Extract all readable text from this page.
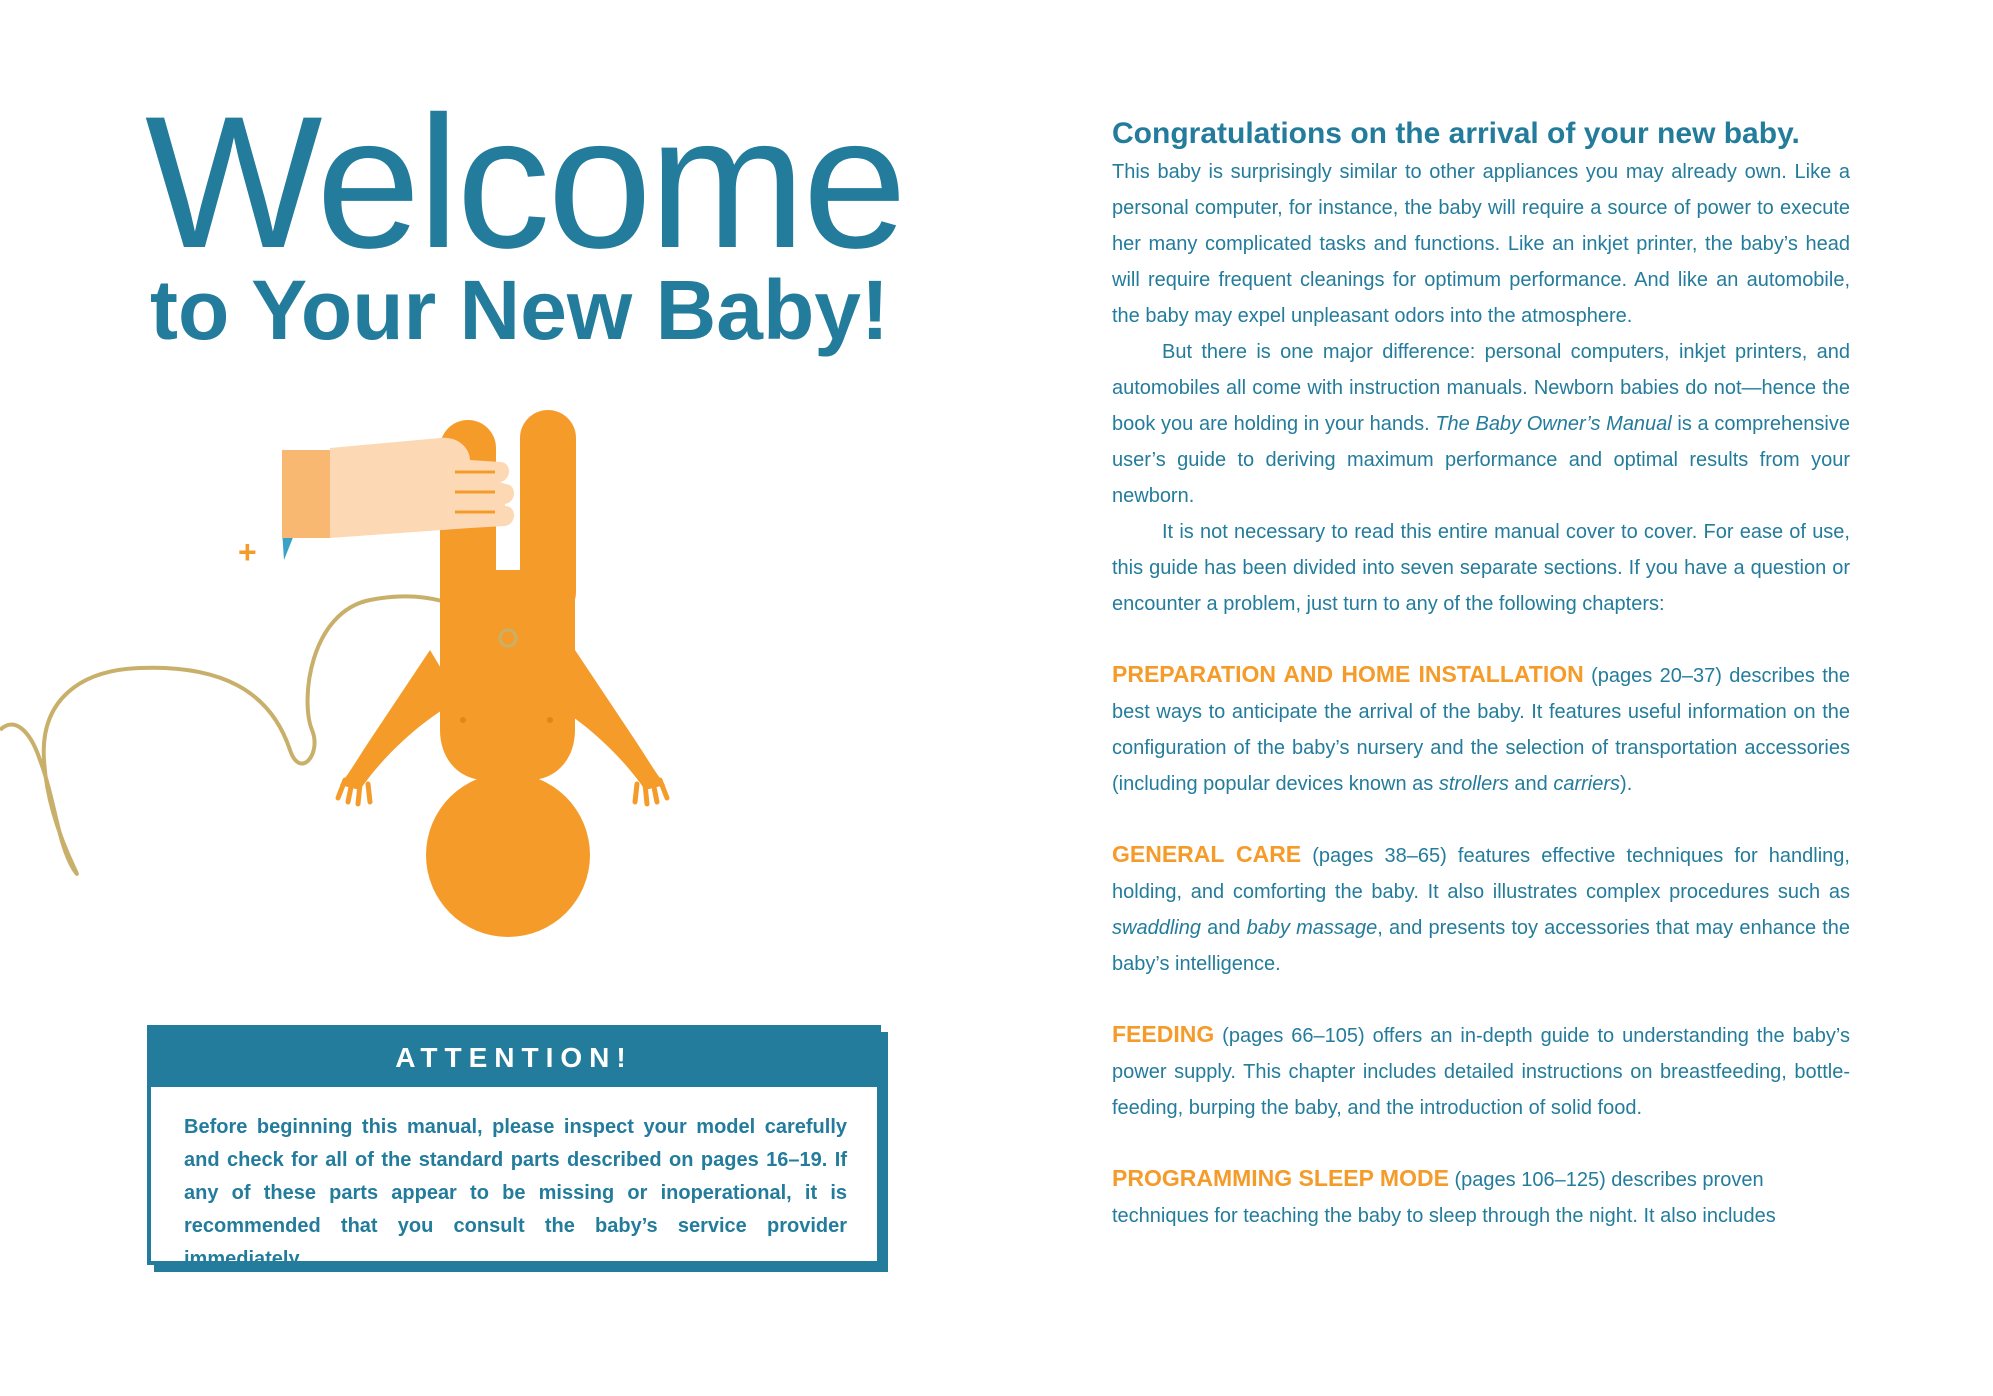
Welcome
to Your New Baby!
+
ATTENTION!
Before beginning this manual, please inspect your model carefully and check for all of the standard parts described on pages 16–19. If any of these parts appear to be missing or inoperational, it is recommended that you consult the baby’s service provider immediately.
Congratulations on the arrival of your new baby.

This baby is surprisingly similar to other appliances you may already own. Like a personal computer, for instance, the baby will require a source of power to execute her many complicated tasks and functions. Like an inkjet printer, the baby’s head will require frequent cleanings for optimum performance. And like an automobile, the baby may expel unpleasant odors into the atmosphere.

But there is one major difference: personal computers, inkjet printers, and automobiles all come with instruction manuals. Newborn babies do not—hence the book you are holding in your hands. The Baby Owner’s Manual is a comprehensive user’s guide to deriving maximum performance and optimal results from your newborn.

It is not necessary to read this entire manual cover to cover. For ease of use, this guide has been divided into seven separate sections. If you have a question or encounter a problem, just turn to any of the following chapters:

PREPARATION AND HOME INSTALLATION (pages 20–37) describes the best ways to anticipate the arrival of the baby. It features useful information on the configuration of the baby’s nursery and the selection of transportation accessories (including popular devices known as strollers and carriers).

GENERAL CARE (pages 38–65) features effective techniques for handling, holding, and comforting the baby. It also illustrates complex procedures such as swaddling and baby massage, and presents toy accessories that may enhance the baby’s intelligence.

FEEDING (pages 66–105) offers an in-depth guide to understanding the baby’s power supply. This chapter includes detailed instructions on breastfeeding, bottle-feeding, burping the baby, and the introduction of solid food.

PROGRAMMING SLEEP MODE (pages 106–125) describes proven techniques for teaching the baby to sleep through the night. It also includes
